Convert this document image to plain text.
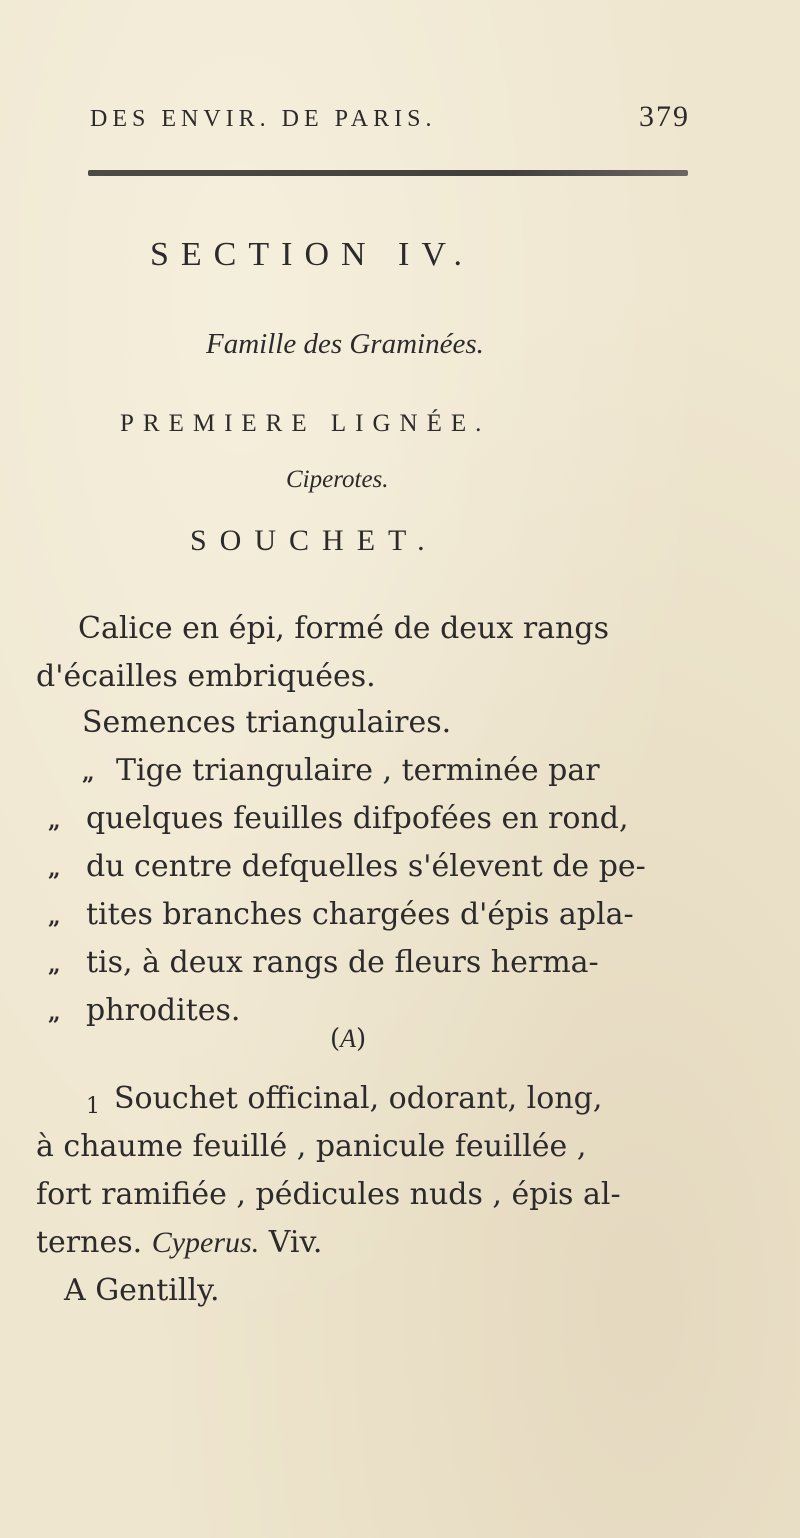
DES ENVIR. DE PARIS.	379
SECTION IV.
Famille des Graminées.
PREMIERE LIGNÉE.
Ciperotes.
SOUCHET.
Calice en épi, formé de deux rangs
d'écailles embriquées.
Semences triangulaires.
„ Tige triangulaire , terminée par
„ quelques feuilles difpofées en rond,
„ du centre defquelles s'élevent de pe-
„ tites branches chargées d'épis apla-
„ tis, à deux rangs de fleurs herma-
„ phrodites.
(A)
1 Souchet officinal, odorant, long,
à chaume feuillé , panicule feuillée ,
fort ramifiée , pédicules nuds , épis al-
ternes. Cyperus. Viv.
A Gentilly.
